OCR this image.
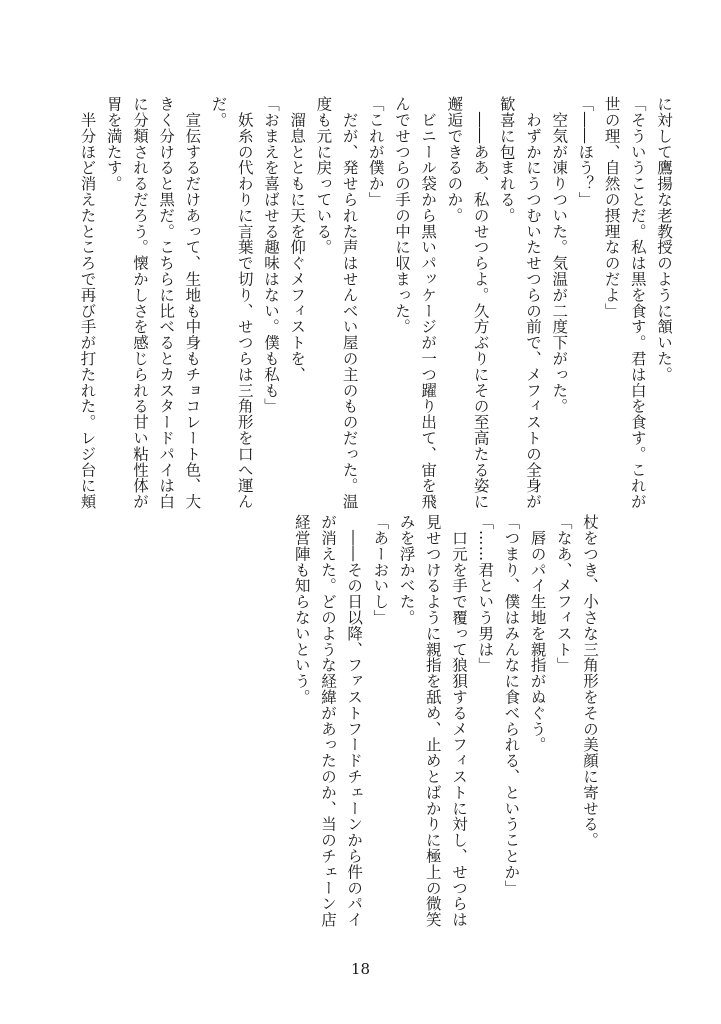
に対して鷹揚な老教授のように頷いた。
「そういうことだ。私は黒を食す。君は白を食す。これが
世の理、自然の摂理なのだよ」
「――ほう？」
　空気が凍りついた。気温が二度下がった。
　わずかにうつむいたせつらの前で、メフィストの全身が
歓喜に包まれる。
　――ああ、私のせつらよ。久方ぶりにその至高たる姿に
邂逅できるのか。
　ビニール袋から黒いパッケージが一つ躍り出て、宙を飛
んでせつらの手の中に収まった。
「これが僕か」
　だが、発せられた声はせんべい屋の主のものだった。温
度も元に戻っている。
　溜息とともに天を仰ぐメフィストを、
「おまえを喜ばせる趣味はない。僕も私も」
　妖糸の代わりに言葉で切り、せつらは三角形を口へ運ん
だ。
　宣伝するだけあって、生地も中身もチョコレート色、大
きく分けると黒だ。こちらに比べるとカスタードパイは白
に分類されるだろう。懐かしさを感じられる甘い粘性体が
胃を満たす。
　半分ほど消えたところで再び手が打たれた。レジ台に頬
杖をつき、小さな三角形をその美顔に寄せる。
「なあ、メフィスト」
　唇のパイ生地を親指がぬぐう。
「つまり、僕はみんなに食べられる、ということか」
「……君という男は」
　口元を手で覆って狼狽するメフィストに対し、せつらは
見せつけるように親指を舐め、止めとばかりに極上の微笑
みを浮かべた。
「あーおいし」
　――その日以降、ファストフードチェーンから件のパイ
が消えた。どのような経緯があったのか、当のチェーン店
経営陣も知らないという。
18
